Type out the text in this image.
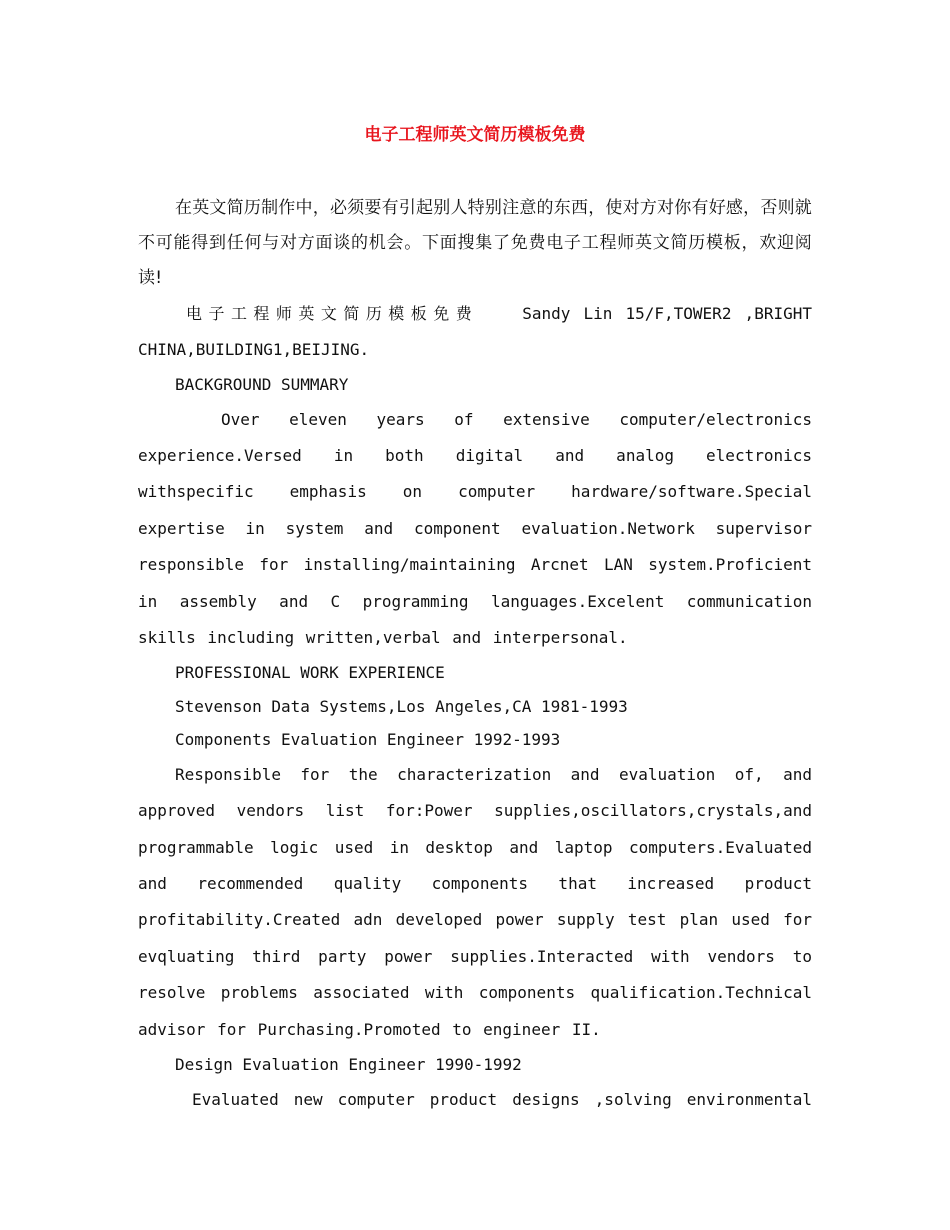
电子工程师英文简历模板免费

在英文简历制作中，必须要有引起别人特别注意的东西，使对方对你有好感，否则就不可能得到任何与对方面谈的机会。下面搜集了免费电子工程师英文简历模板，欢迎阅读!

电子工程师英文简历模板免费	Sandy Lin 15/F,TOWER2 ,BRIGHT CHINA,BUILDING1,BEIJING.

BACKGROUND SUMMARY

Over eleven years of extensive computer/electronics experience.Versed in both digital and analog electronics withspecific emphasis on computer hardware/software.Special expertise in system and component evaluation.Network supervisor responsible for installing/maintaining Arcnet LAN system.Proficient in assembly and C programming languages.Excelent communication skills including written,verbal and interpersonal.

PROFESSIONAL WORK EXPERIENCE

Stevenson Data Systems,Los Angeles,CA 1981-1993

Components Evaluation Engineer 1992-1993

Responsible for the characterization and evaluation of, and approved vendors list for:Power supplies,oscillators,crystals,and programmable logic used in desktop and laptop computers.Evaluated and recommended quality components that increased product profitability.Created adn developed power supply test plan used for evqluating third party power supplies.Interacted with vendors to resolve problems associated with components qualification.Technical advisor for Purchasing.Promoted to engineer II.

Design Evaluation Engineer 1990-1992

Evaluated new computer product designs ,solving environmental
